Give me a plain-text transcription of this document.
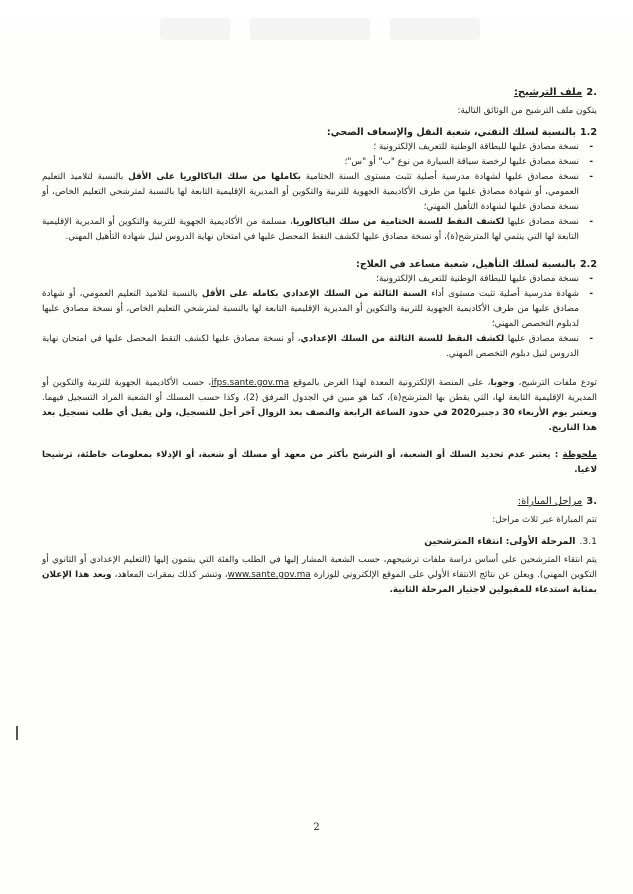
.2ملف الترشيح:

يتكون ملف الترشيح من الوثائق التالية:

1.2بالنسبة لسلك التقني، شعبة النقل والإسعاف الصحي:

- نسخة مصادق عليها للبطاقة الوطنية للتعريف الإلكترونية ؛
- نسخة مصادق عليها لرخصة سياقة السيارة من نوع "ب" أو "س"؛
- نسخة مصادق عليها لشهادة مدرسية أصلية تثبت مستوى السنة الختامية بكاملها من سلك الباكالوريا على الأقل بالنسبة لتلاميذ التعليم العمومي، أو شهادة مصادق عليها من طرف الأكاديمية الجهوية للتربية والتكوين أو المديرية الإقليمية التابعة لها بالنسبة لمترشحي التعليم الخاص، أو نسخة مصادق عليها لشهادة التأهيل المهني؛
- نسخة مصادق عليها لكشف النقط للسنة الختامية من سلك الباكالوريا، مسلمة من الأكاديمية الجهوية للتربية والتكوين أو المديرية الإقليمية التابعة لها التي ينتمي لها المترشح(ة)، أو نسخة مصادق عليها لكشف النقط المحصل عليها في امتحان نهاية الدروس لنيل شهادة التأهيل المهني.

2.2بالنسبة لسلك التأهيل، شعبة مساعد في العلاج:

- نسخة مصادق عليها للبطاقة الوطنية للتعريف الإلكترونية؛
- شهادة مدرسية أصلية تثبت مستوى أداء السنة الثالثة من السلك الإعدادي بكامله على الأقل بالنسبة لتلاميذ التعليم العمومي، أو شهادة مصادق عليها من طرف الأكاديمية الجهوية للتربية والتكوين أو المديرية الإقليمية التابعة لها بالنسبة لمترشحي التعليم الخاص، أو نسخة مصادق عليها لدبلوم التخصص المهني؛
- نسخة مصادق عليها لكشف النقط للسنة الثالثة من السلك الإعدادي، أو نسخة مصادق عليها لكشف النقط المحصل عليها في امتحان نهاية الدروس لنيل دبلوم التخصص المهني.

تودع ملفات الترشيح، وجوبا، على المنصة الإلكترونية المعدة لهذا الغرض بالموقع ifps.sante.gov.ma، حسب الأكاديمية الجهوية للتربية والتكوين أو المديرية الإقليمية التابعة لها، التي يقطن بها المترشح(ة)، كما هو مبين في الجدول المرفق (2)، وكذا حسب المسلك أو الشعبة المراد التسجيل فيهما. ويعتبر يوم الأربعاء 30 دجنبر2020 في حدود الساعة الرابعة والنصف بعد الزوال آخر أجل للتسجيل، ولن يقبل أي طلب تسجيل بعد هذا التاريخ.

ملحوظة : يعتبر عدم تحديد السلك أو الشعبة، أو الترشح بأكثر من معهد أو مسلك أو شعبة، أو الإدلاء بمعلومات خاطئة، ترشيحا لاغيا.

.3مراحل المباراة:

تتم المباراة عبر ثلاث مراحل:

3.1.المرحلة الأولى: انتقاء المترشحين

يتم انتقاء المترشحين على أساس دراسة ملفات ترشيحهم، حسب الشعبة المشار إليها في الطلب والفئة التي ينتمون إليها (التعليم الإعدادي أو الثانوي أو التكوين المهني). ويعلن عن نتائج الانتقاء الأولي على الموقع الإلكتروني للوزارة www.sante.gov.ma، وتنشر كذلك بمقرات المعاهد، ويعد هذا الإعلان بمثابة استدعاء للمقبولين لاجتياز المرحلة الثانية.

2
